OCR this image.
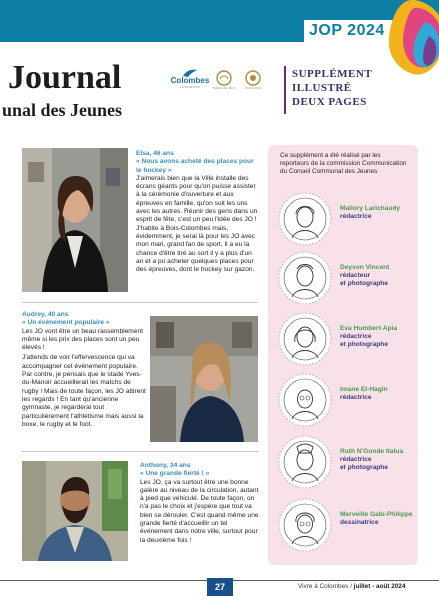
JOP 2024
Journal
unal des Jeunes
Colombes
LA VILLE D'ICI	TERRE DE JEUX	PARIS 2024
SUPPLÉMENT
ILLUSTRÉ
DEUX PAGES
Elsa, 46 ans
« Nous avons acheté des places pour le hockey »

J'aimerais bien que la Ville installe des écrans géants pour qu'on puisse assister à la cérémonie d'ouverture et aux épreuves en famille, qu'on soit les uns avec les autres. Réunir des gens dans un esprit de fête, c'est un peu l'idée des JO ! J'habite à Bois-Colombes mais, évidemment, je serai là pour les JO avec mon mari, grand fan de sport. Il a eu la chance d'être tiré au sort il y a plus d'un an et a pu acheter quelques places pour des épreuves, dont le hockey sur gazon.

Audrey, 40 ans
« Un événement populaire »

Les JO vont être un beau rassemblement même si les prix des places sont un peu élevés !

J'attends de voir l'effervescence qui va accompagner cet événement populaire. Par contre, je pensais que le stade Yves-du-Manoir accueillerait les matchs de rugby ! Mais de toute façon, les JO attirent les regards ! En tant qu'ancienne gymnaste, je regarderai tout particulièrement l'athlétisme mais aussi la boxe, le rugby et le foot.

Anthony, 34 ans
« Une grande fierté ! »

Les JO, ça va surtout être une bonne galère au niveau de la circulation, autant à pied que véhiculé. De toute façon, on n'a pas le choix et j'espère que tout va bien se dérouler. C'est quand même une grande fierté d'accueillir un tel événement dans notre ville, surtout pour la deuxième fois !

Ce supplément a été réalisé par les reporteurs de la commission Communication du Conseil Communal des Jeunes
Mallory Larichaudy
rédactrice
Deyvon Vincent
rédacteur
et photographe
Eva Humbert-Apia
rédactrice
et photographe
Imane El-Hagin
rédactrice
Ruth N'Gonde Italua
rédactrice
et photographe
Merveille Gabi-Philippe
dessinatrice
27	Vivre à Colombes / juillet - août 2024
